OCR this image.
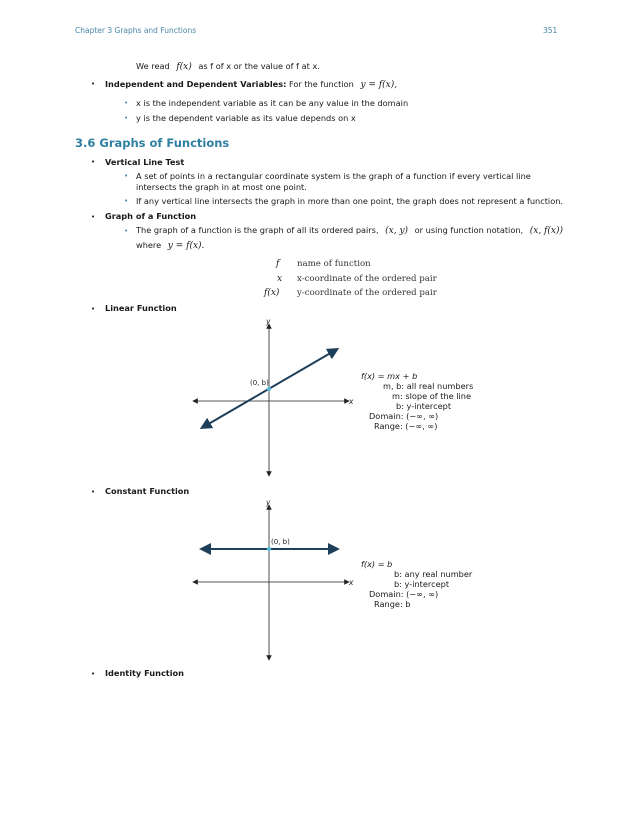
Chapter 3 Graphs and Functions	351
We read f(x) as f of x or the value of f at x.
• Independent and Dependent Variables: For the function y = f(x),
• x is the independent variable as it can be any value in the domain
• y is the dependent variable as its value depends on x
3.6 Graphs of Functions
• Vertical Line Test
• A set of points in a rectangular coordinate system is the graph of a function if every vertical line intersects the graph in at most one point.
• If any vertical line intersects the graph in more than one point, the graph does not represent a function.
• Graph of a Function
• The graph of a function is the graph of all its ordered pairs, (x, y) or using function notation, (x, f(x))
where y = f(x).
f name of function
x x-coordinate of the ordered pair
f(x) y-coordinate of the ordered pair
• Linear Function
x
y
(0, b)
f(x) = mx + b
m, b: all real numbers
m: slope of the line
b: y-intercept
Domain: (−∞, ∞)
Range: (−∞, ∞)
• Constant Function
x
y
(0, b)
f(x) = b
b: any real number
b: y-intercept
Domain: (−∞, ∞)
Range: b
• Identity Function
